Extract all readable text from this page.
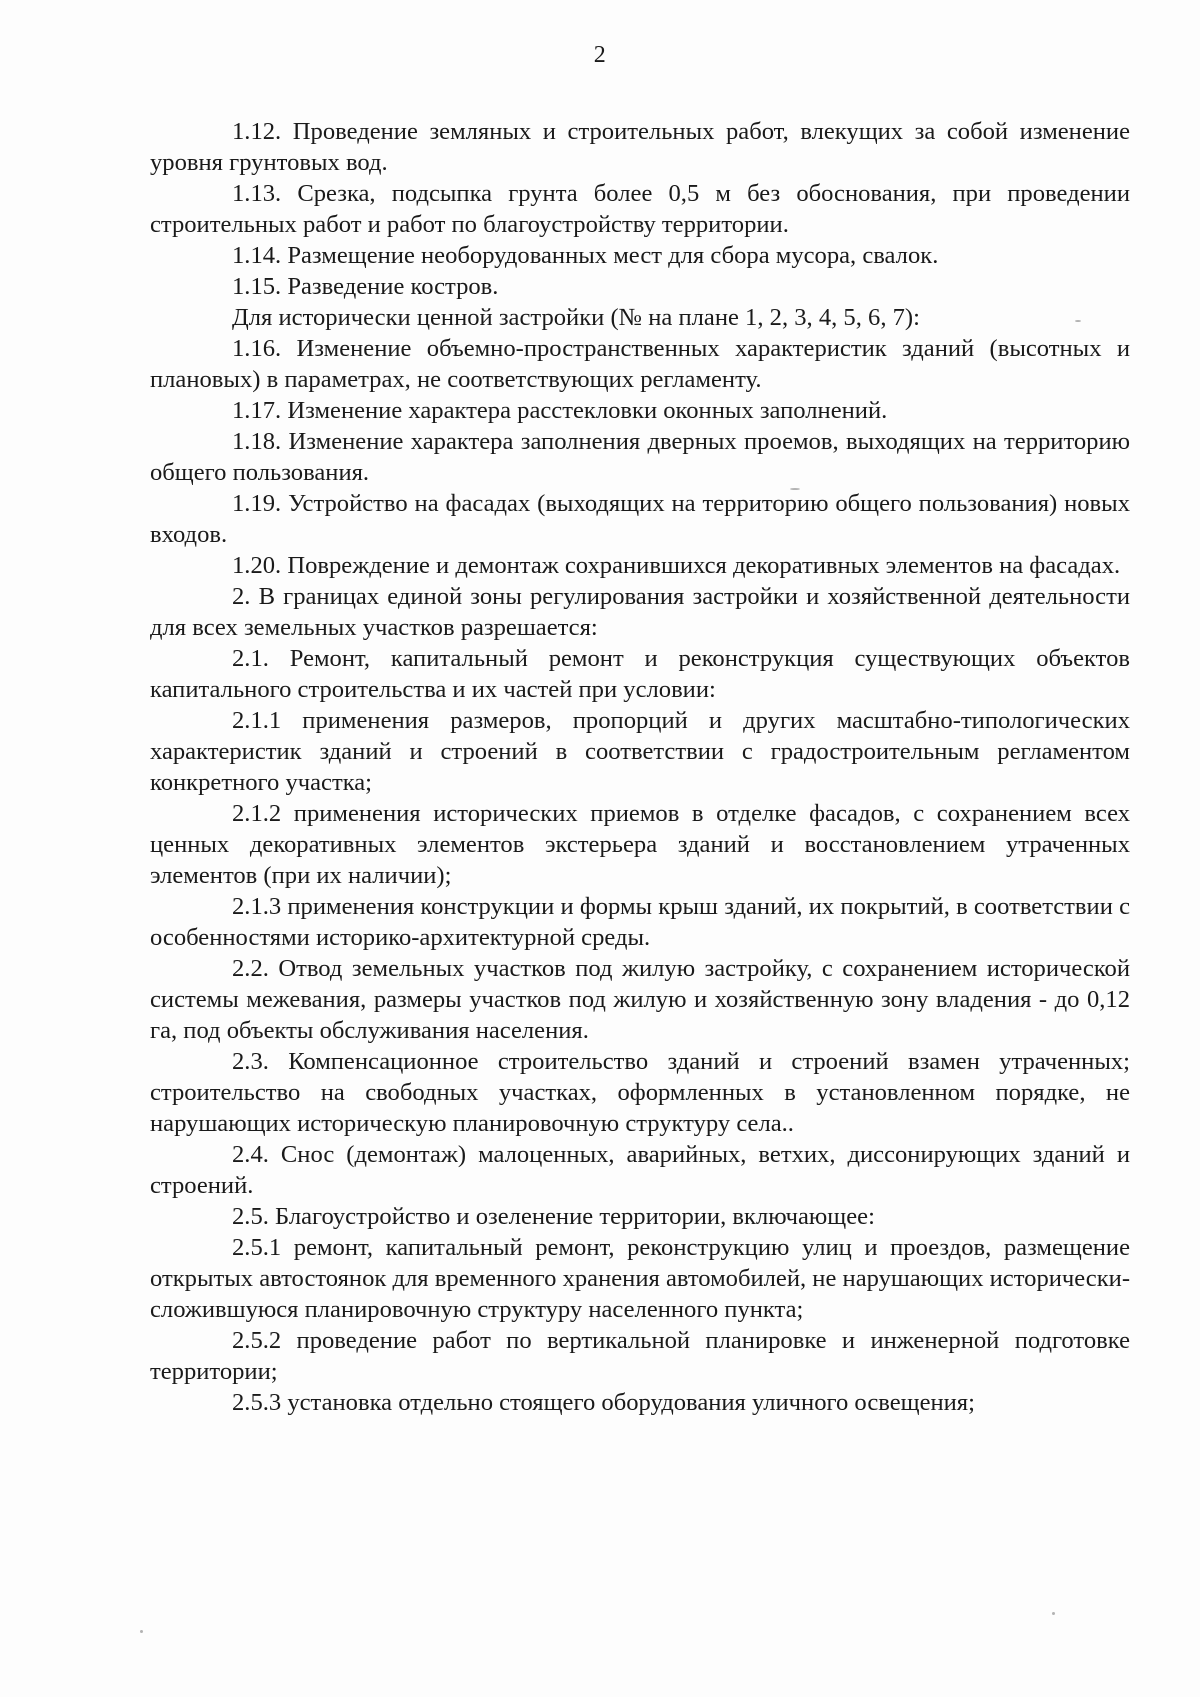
2

1.12. Проведение земляных и строительных работ, влекущих за собой изменение уровня грунтовых вод.

1.13. Срезка, подсыпка грунта более 0,5 м без обоснования, при проведении строительных работ и работ по благоустройству территории.

1.14. Размещение необорудованных мест для сбора мусора, свалок.

1.15. Разведение костров.

Для исторически ценной застройки (№ на плане 1, 2, 3, 4, 5, 6, 7):

1.16. Изменение объемно-пространственных характеристик зданий (высотных и плановых) в параметрах, не соответствующих регламенту.

1.17. Изменение характера расстекловки оконных заполнений.

1.18. Изменение характера заполнения дверных проемов, выходящих на территорию общего пользования.

1.19. Устройство на фасадах (выходящих на территорию общего пользования) новых входов.

1.20. Повреждение и демонтаж сохранившихся декоративных элементов на фасадах.

2. В границах единой зоны регулирования застройки и хозяйственной деятельности для всех земельных участков разрешается:

2.1. Ремонт, капитальный ремонт и реконструкция существующих объектов капитального строительства и их частей при условии:

2.1.1 применения размеров, пропорций и других масштабно-типологических характеристик зданий и строений в соответствии с градостроительным регламентом конкретного участка;

2.1.2 применения исторических приемов в отделке фасадов, с сохранением всех ценных декоративных элементов экстерьера зданий и восстановлением утраченных элементов (при их наличии);

2.1.3 применения конструкции и формы крыш зданий, их покрытий, в соответствии с особенностями историко-архитектурной среды.

2.2. Отвод земельных участков под жилую застройку, с сохранением исторической системы межевания, размеры участков под жилую и хозяйственную зону владения - до 0,12 га, под объекты обслуживания населения.

2.3. Компенсационное строительство зданий и строений взамен утраченных; строительство на свободных участках, оформленных в установленном порядке, не нарушающих историческую планировочную структуру села..

2.4. Снос (демонтаж) малоценных, аварийных, ветхих, диссонирующих зданий и строений.

2.5. Благоустройство и озеленение территории, включающее:

2.5.1 ремонт, капитальный ремонт, реконструкцию улиц и проездов, размещение открытых автостоянок для временного хранения автомобилей, не нарушающих исторически-сложившуюся планировочную структуру населенного пункта;

2.5.2 проведение работ по вертикальной планировке и инженерной подготовке территории;

2.5.3 установка отдельно стоящего оборудования уличного освещения;
